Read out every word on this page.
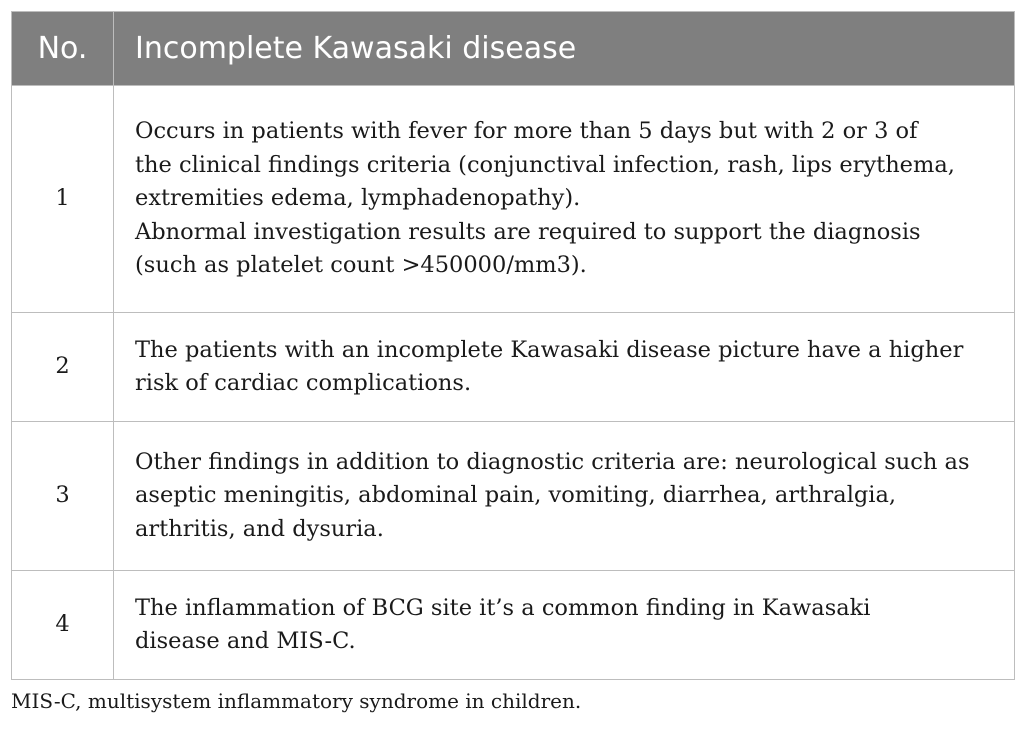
No.	Incomplete Kawasaki disease
1	Occurs in patients with fever for more than 5 days but with 2 or 3 of
the clinical findings criteria (conjunctival infection, rash, lips erythema,
extremities edema, lymphadenopathy).
Abnormal investigation results are required to support the diagnosis
(such as platelet count >450000/mm3).

2	The patients with an incomplete Kawasaki disease picture have a higher
risk of cardiac complications.

3	Other findings in addition to diagnostic criteria are: neurological such as
aseptic meningitis, abdominal pain, vomiting, diarrhea, arthralgia,
arthritis, and dysuria.

4	The inflammation of BCG site it’s a common finding in Kawasaki
disease and MIS-C.
MIS-C, multisystem inflammatory syndrome in children.
